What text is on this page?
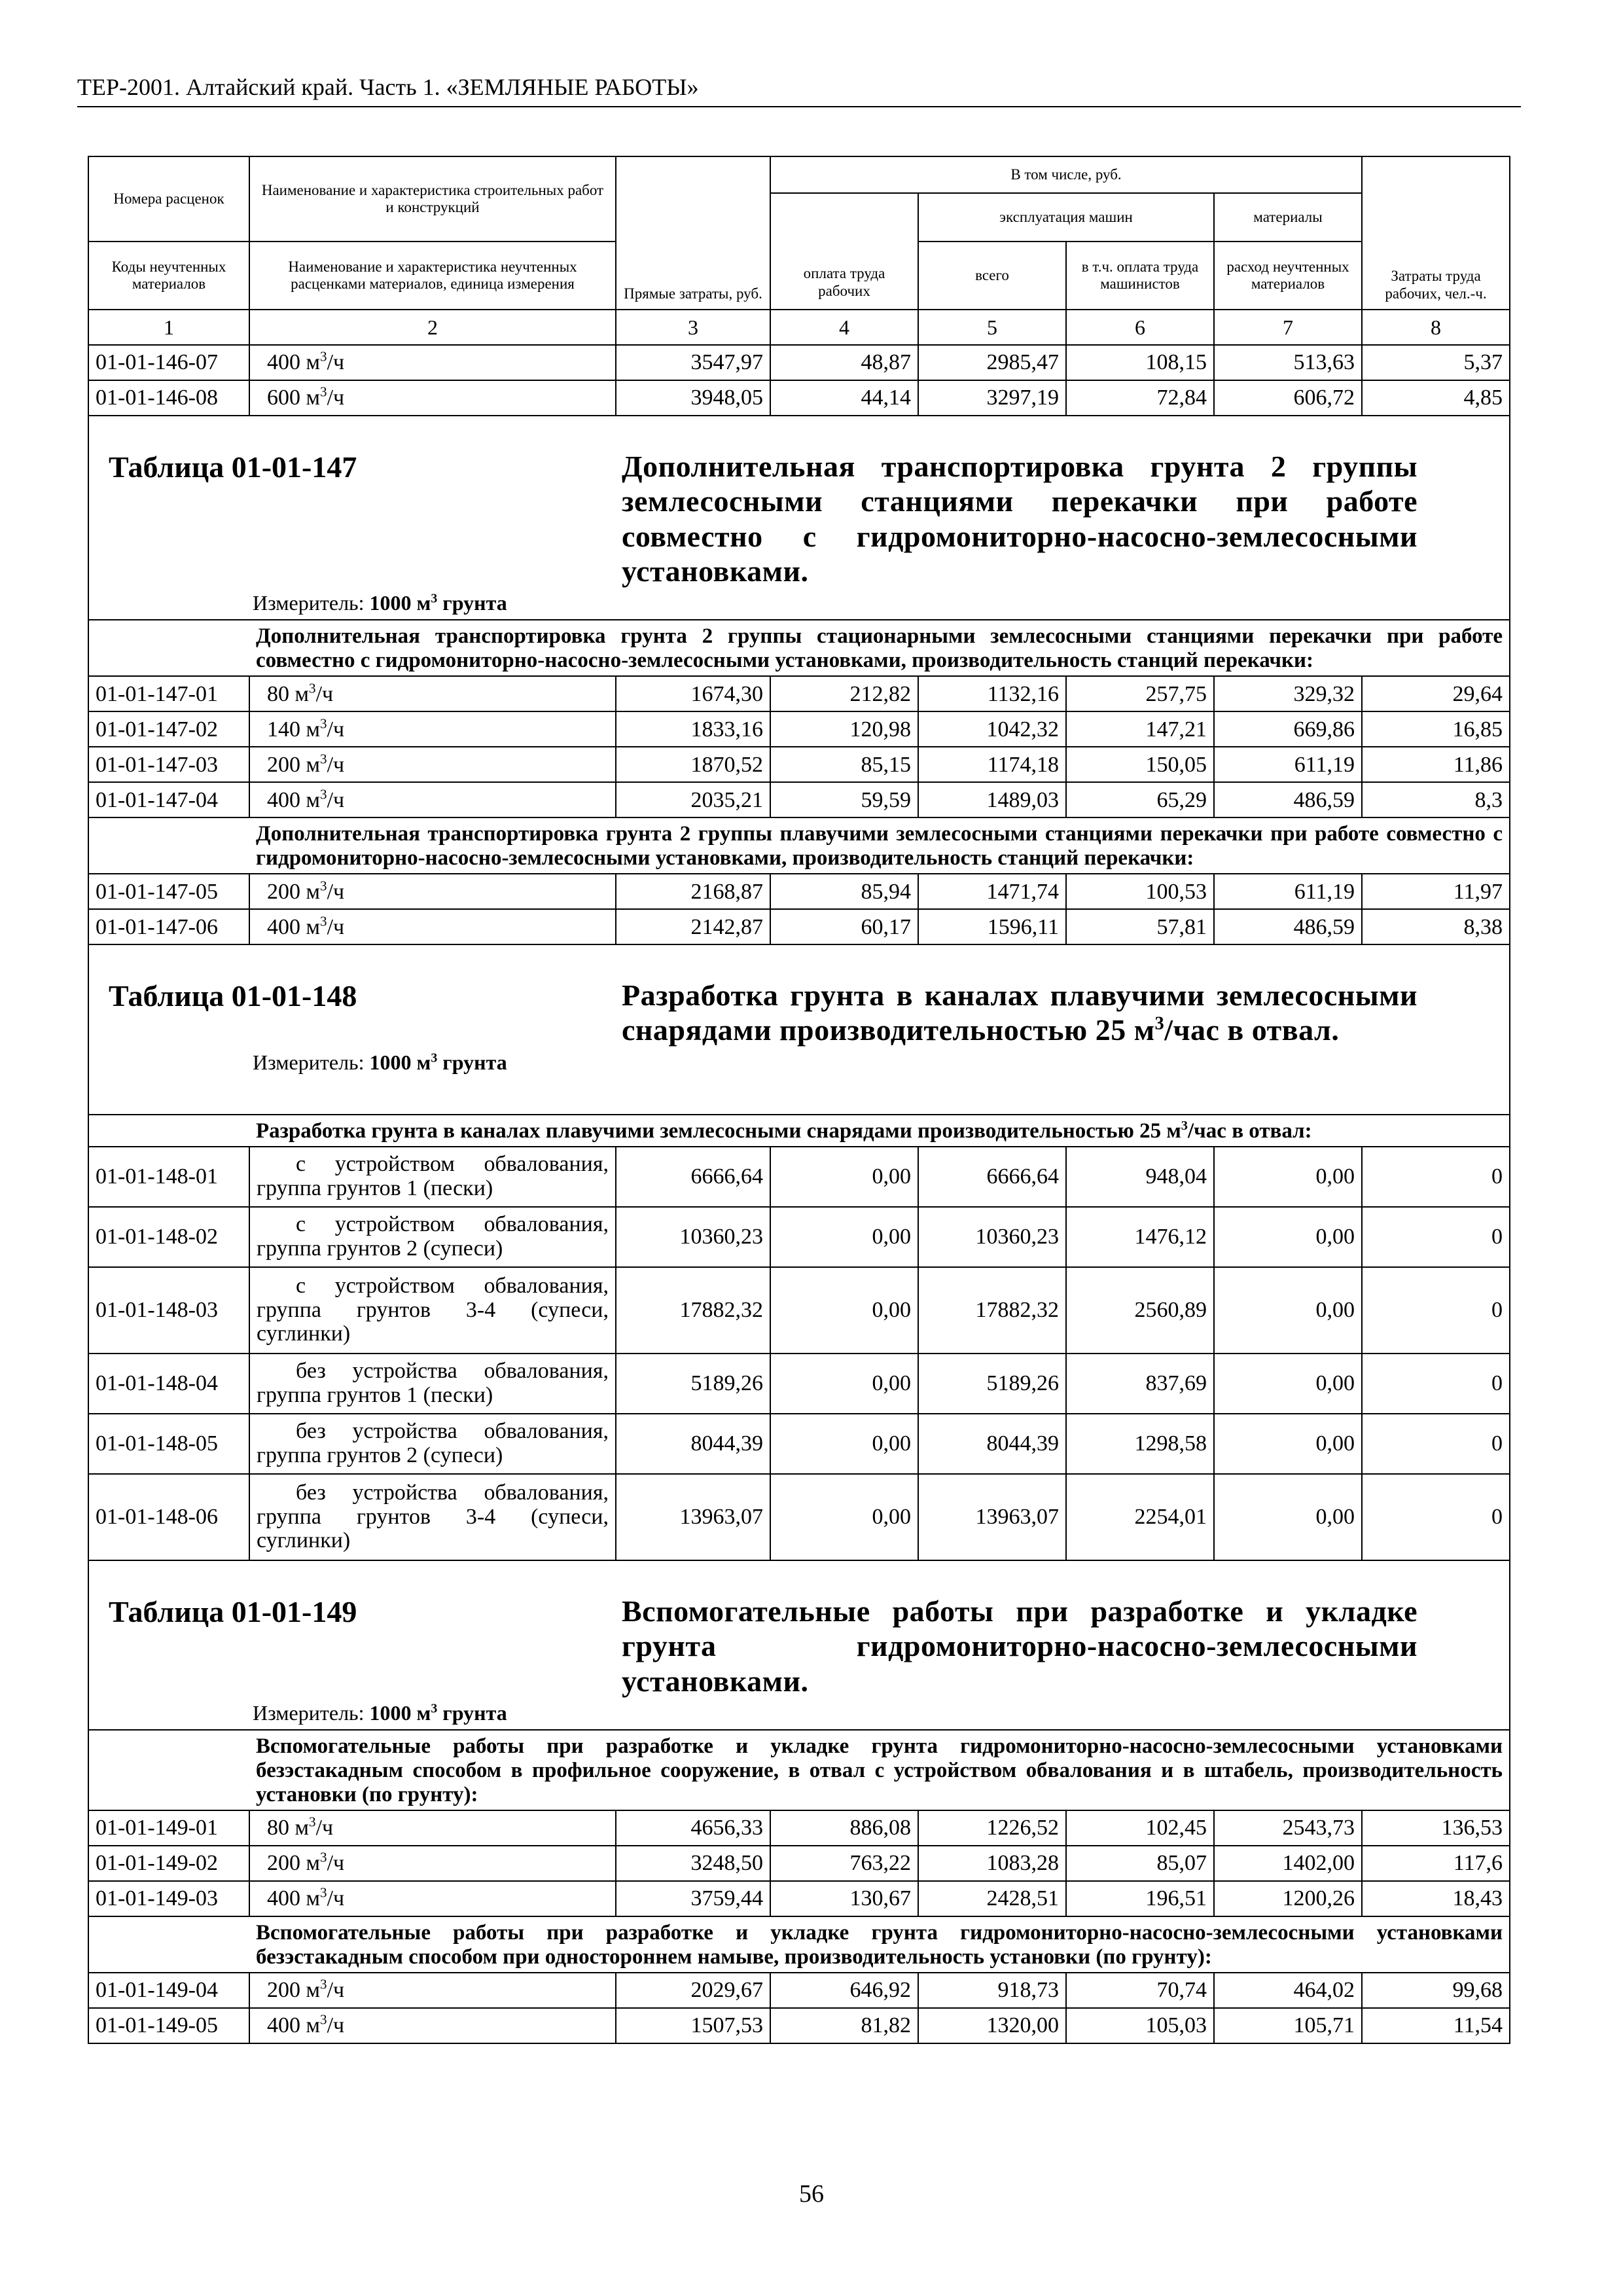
ТЕР-2001. Алтайский край. Часть 1. «ЗЕМЛЯНЫЕ РАБОТЫ»
Номера расценок	Наименование и характеристика строительных работ и конструкций	Прямые затраты, руб.	В том числе, руб.				Затраты труда рабочих, чел.-ч.
			оплата труда рабочих	эксплуатация машин		материалы	
Коды неучтенных материалов	Наименование и характеристика неучтенных расценками материалов, единица измерения			всего	в т.ч. оплата труда машинистов	расход неучтенных материалов	

1	2	3	4	5	6	7	8
01-01-146-07	400 $м^3/ч$	3547,97	48,87	2985,47	108,15	513,63	5,37
01-01-146-08	600 $м^3/ч$	3948,05	44,14	3297,19	72,84	606,72	4,85

Таблица 01-01-147 Дополнительная транспортировка грунта 2 группы землесосными станциями перекачки при работе совместно с гидромониторно-насосно-землесосными установками.
Измеритель: 1000 $м^3$ грунта							

	Дополнительная транспортировка грунта 2 группы стационарными землесосными станциями перекачки при работе совместно с гидромониторно-насосно-землесосными установками, производительность станций перекачки:						
01-01-147-01	80 $м^3/ч$	1674,30	212,82	1132,16	257,75	329,32	29,64
01-01-147-02	140 $м^3/ч$	1833,16	120,98	1042,32	147,21	669,86	16,85
01-01-147-03	200 $м^3/ч$	1870,52	85,15	1174,18	150,05	611,19	11,86
01-01-147-04	400 $м^3/ч$	2035,21	59,59	1489,03	65,29	486,59	8,3
	Дополнительная транспортировка грунта 2 группы плавучими землесосными станциями перекачки при работе совместно с гидромониторно-насосно-землесосными установками, производительность станций перекачки:						
01-01-147-05	200 $м^3/ч$	2168,87	85,94	1471,74	100,53	611,19	11,97
01-01-147-06	400 $м^3/ч$	2142,87	60,17	1596,11	57,81	486,59	8,38

Таблица 01-01-148 Разработка грунта в каналах плавучими землесосными снарядами производительностью 25 $м^3$/час в отвал.
Измеритель: 1000 $м^3$ грунта							

	Разработка грунта в каналах плавучими землесосными снарядами производительностью 25 $м^3$/час в отвал:						
01-01-148-01	с устройством обвалования, группа грунтов 1 (пески)	6666,64	0,00	6666,64	948,04	0,00	0
01-01-148-02	с устройством обвалования, группа грунтов 2 (супеси)	10360,23	0,00	10360,23	1476,12	0,00	0
01-01-148-03	с устройством обвалования, группа грунтов 3-4 (супеси, суглинки)	17882,32	0,00	17882,32	2560,89	0,00	0
01-01-148-04	без устройства обвалования, группа грунтов 1 (пески)	5189,26	0,00	5189,26	837,69	0,00	0
01-01-148-05	без устройства обвалования, группа грунтов 2 (супеси)	8044,39	0,00	8044,39	1298,58	0,00	0
01-01-148-06	без устройства обвалования, группа грунтов 3-4 (супеси, суглинки)	13963,07	0,00	13963,07	2254,01	0,00	0

Таблица 01-01-149 Вспомогательные работы при разработке и укладке грунта гидромониторно-насосно-землесосными установками.
Измеритель: 1000 $м^3$ грунта							

	Вспомогательные работы при разработке и укладке грунта гидромониторно-насосно-землесосными установками безэстакадным способом в профильное сооружение, в отвал с устройством обвалования и в штабель, производительность установки (по грунту):						
01-01-149-01	80 $м^3/ч$	4656,33	886,08	1226,52	102,45	2543,73	136,53
01-01-149-02	200 $м^3/ч$	3248,50	763,22	1083,28	85,07	1402,00	117,6
01-01-149-03	400 $м^3/ч$	3759,44	130,67	2428,51	196,51	1200,26	18,43
	Вспомогательные работы при разработке и укладке грунта гидромониторно-насосно-землесосными установками безэстакадным способом при одностороннем намыве, производительность установки (по грунту):						
01-01-149-04	200 $м^3/ч$	2029,67	646,92	918,73	70,74	464,02	99,68
01-01-149-05	400 $м^3/ч$	1507,53	81,82	1320,00	105,03	105,71	11,54
56
